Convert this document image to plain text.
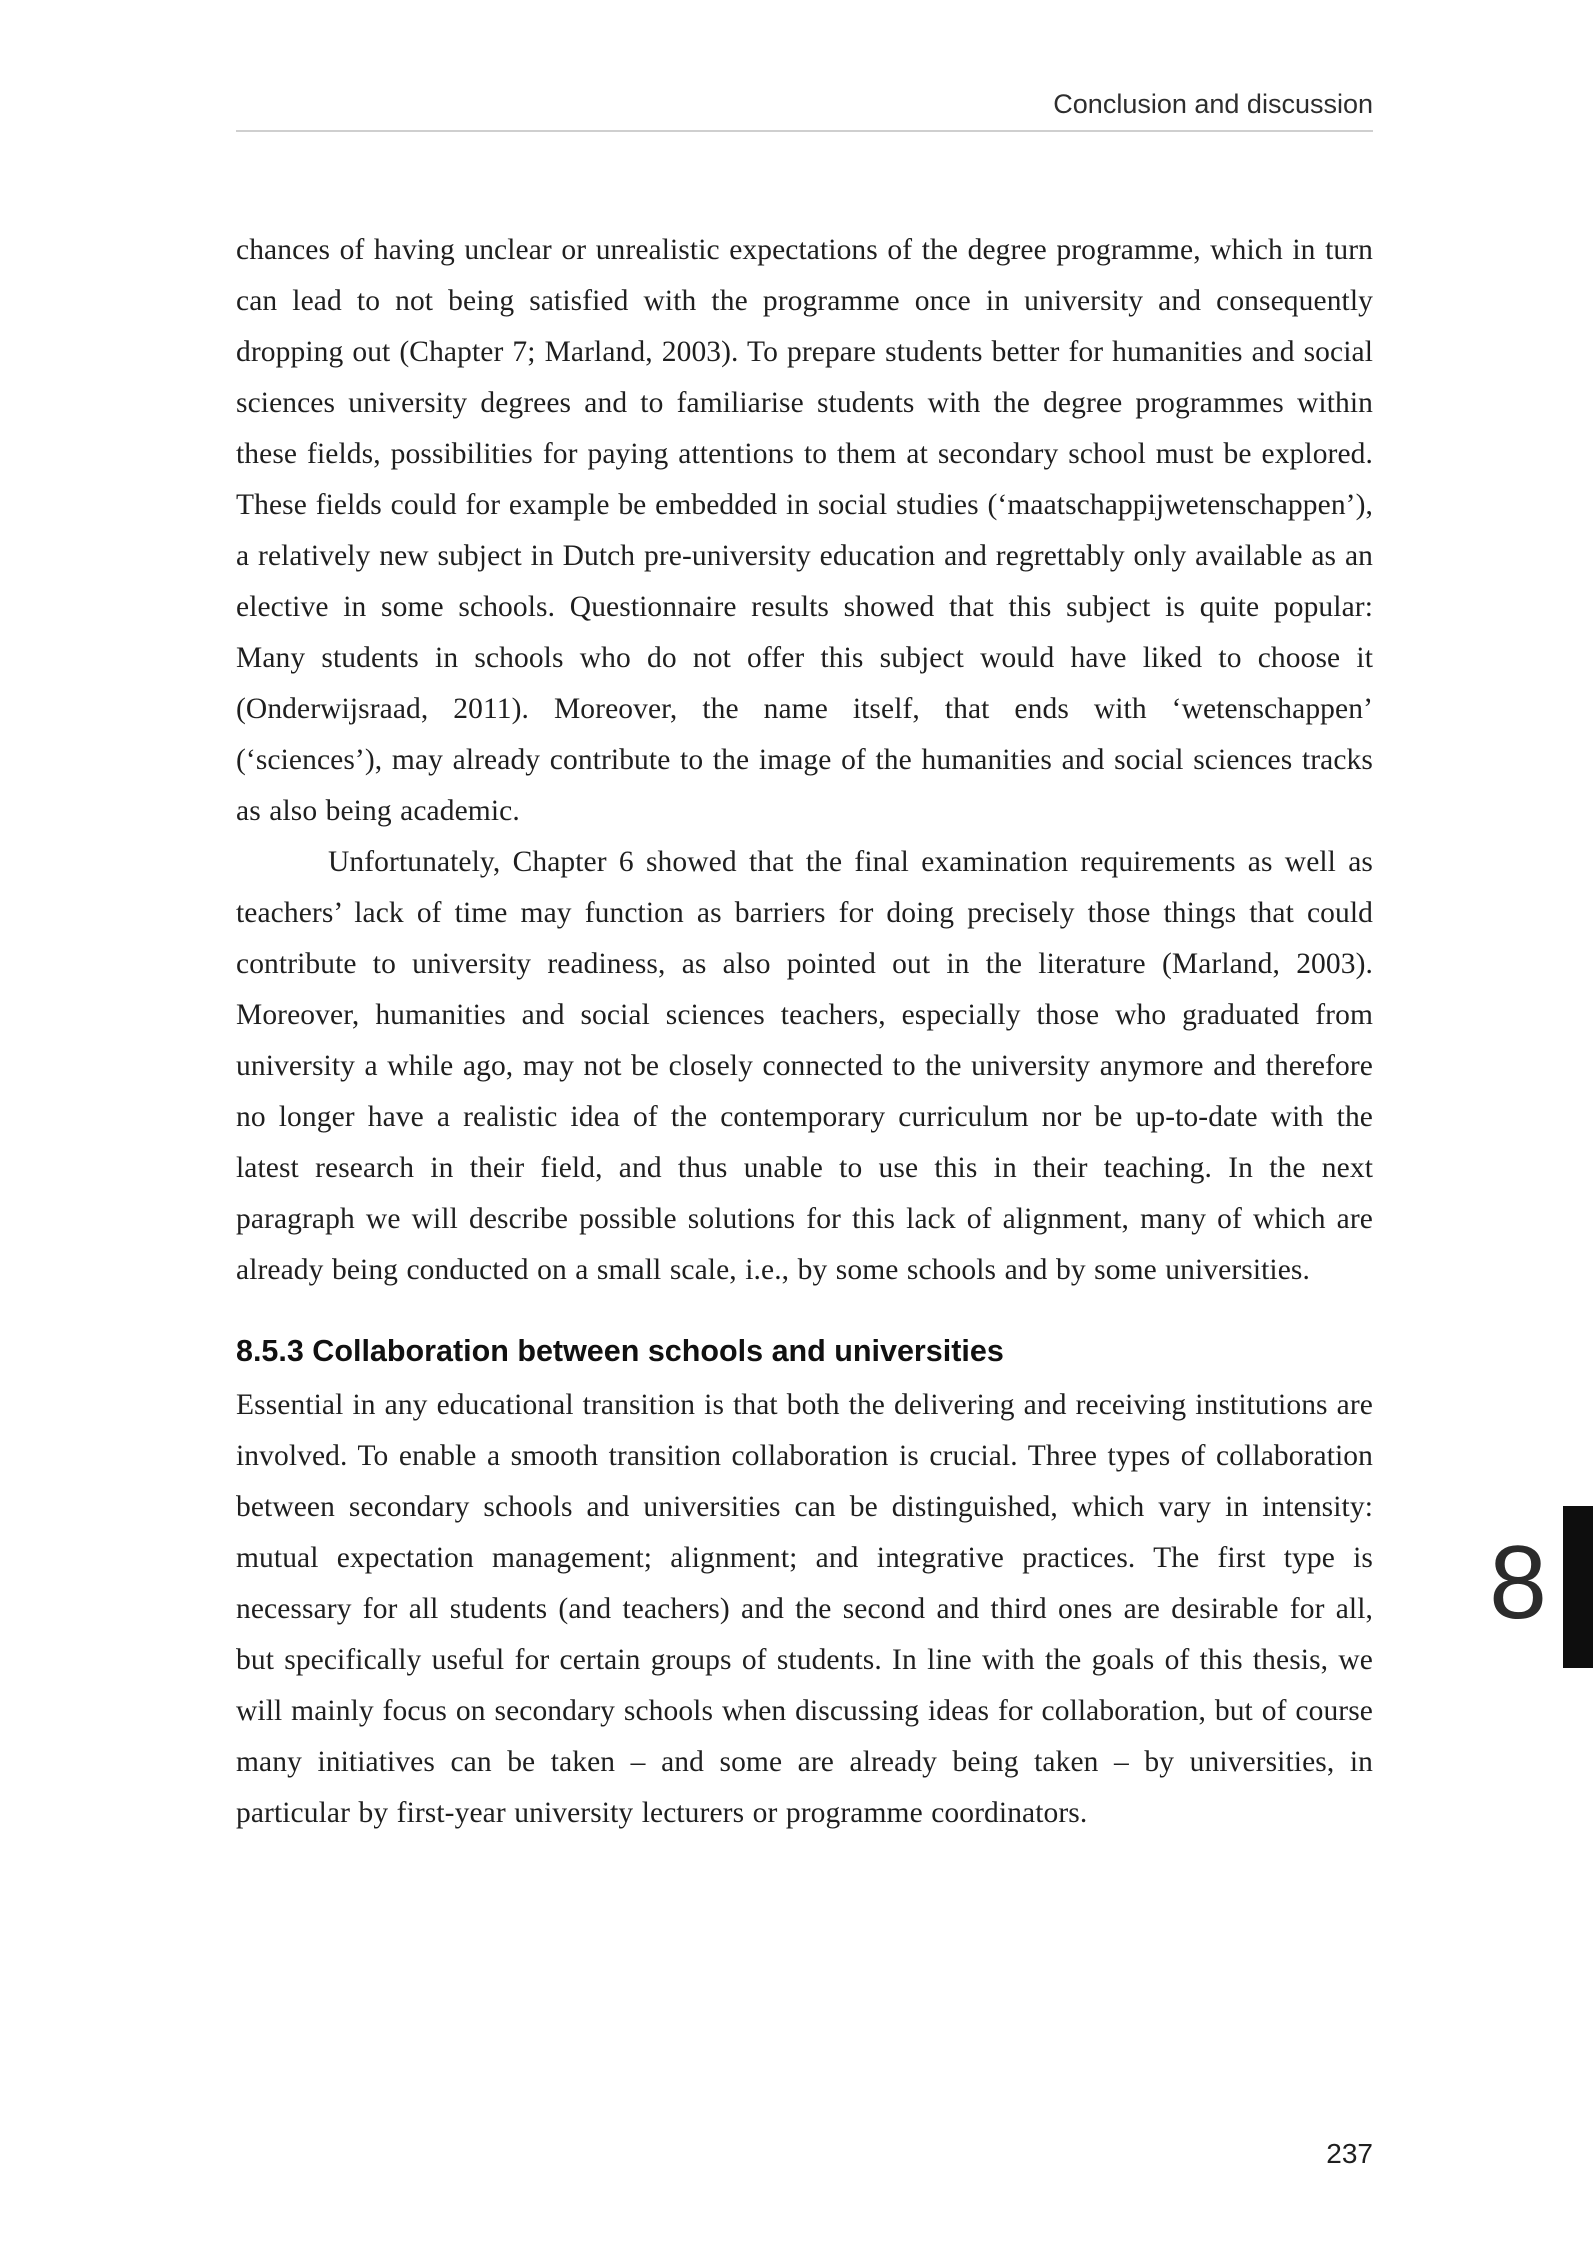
Conclusion and discussion

chances of having unclear or unrealistic expectations of the degree programme, which in turn can lead to not being satisfied with the programme once in university and consequently dropping out (Chapter 7; Marland, 2003). To prepare students better for humanities and social sciences university degrees and to familiarise students with the degree programmes within these fields, possibilities for paying attentions to them at secondary school must be explored. These fields could for example be embedded in social studies (‘maatschappijwetenschappen’), a relatively new subject in Dutch pre-university education and regrettably only available as an elective in some schools. Questionnaire results showed that this subject is quite popular: Many students in schools who do not offer this subject would have liked to choose it (Onderwijsraad, 2011). Moreover, the name itself, that ends with ‘wetenschappen’ (‘sciences’), may already contribute to the image of the humanities and social sciences tracks as also being academic.

Unfortunately, Chapter 6 showed that the final examination requirements as well as teachers’ lack of time may function as barriers for doing precisely those things that could contribute to university readiness, as also pointed out in the literature (Marland, 2003). Moreover, humanities and social sciences teachers, especially those who graduated from university a while ago, may not be closely connected to the university anymore and therefore no longer have a realistic idea of the contemporary curriculum nor be up-to-date with the latest research in their field, and thus unable to use this in their teaching. In the next paragraph we will describe possible solutions for this lack of alignment, many of which are already being conducted on a small scale, i.e., by some schools and by some universities.

8.5.3 Collaboration between schools and universities

Essential in any educational transition is that both the delivering and receiving institutions are involved. To enable a smooth transition collaboration is crucial. Three types of collaboration between secondary schools and universities can be distinguished, which vary in intensity: mutual expectation management; alignment; and integrative practices. The first type is necessary for all students (and teachers) and the second and third ones are desirable for all, but specifically useful for certain groups of students. In line with the goals of this thesis, we will mainly focus on secondary schools when discussing ideas for collaboration, but of course many initiatives can be taken – and some are already being taken – by universities, in particular by first-year university lecturers or programme coordinators.

8
237
